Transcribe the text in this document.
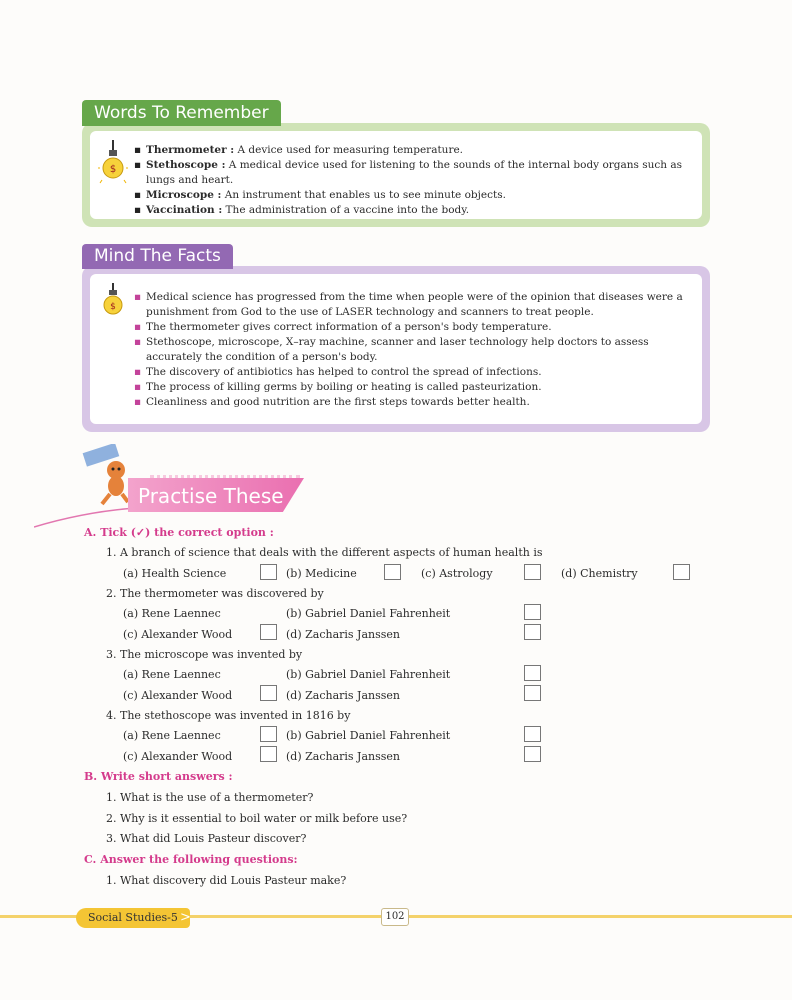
Words To Remember
$
▪ Thermometer : A device used for measuring temperature.
▪ Stethoscope : A medical device used for listening to the sounds of the internal body organs such as
lungs and heart.
▪ Microscope : An instrument that enables us to see minute objects.
▪ Vaccination : The administration of a vaccine into the body.
Mind The Facts
$
▪ Medical science has progressed from the time when people were of the opinion that diseases were a
punishment from God to the use of LASER technology and scanners to treat people.
▪ The thermometer gives correct information of a person's body temperature.
▪ Stethoscope, microscope, X–ray machine, scanner and laser technology help doctors to assess
accurately the condition of a person's body.
▪ The discovery of antibiotics has helped to control the spread of infections.
▪ The process of killing germs by boiling or heating is called pasteurization.
▪ Cleanliness and good nutrition are the first steps towards better health.
Practise These
A. Tick (✓) the correct option :
1. A branch of science that deals with the different aspects of human health is
(a) Health Science	(b) Medicine	(c) Astrology	(d) Chemistry
2. The thermometer was discovered by
(a) Rene Laennec	(b) Gabriel Daniel Fahrenheit
(c) Alexander Wood	(d) Zacharis Janssen
3. The microscope was invented by
(a) Rene Laennec	(b) Gabriel Daniel Fahrenheit
(c) Alexander Wood	(d) Zacharis Janssen
4. The stethoscope was invented in 1816 by
(a) Rene Laennec	(b) Gabriel Daniel Fahrenheit
(c) Alexander Wood	(d) Zacharis Janssen
B. Write short answers :
1. What is the use of a thermometer?
2. Why is it essential to boil water or milk before use?
3. What did Louis Pasteur discover?
C. Answer the following questions:
1. What discovery did Louis Pasteur make?
Social Studies-5 >	102
